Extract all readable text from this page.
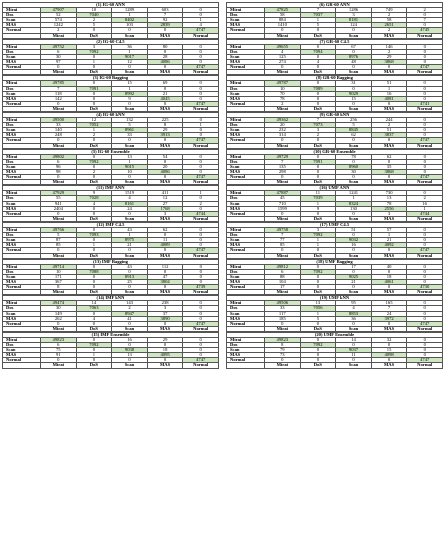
(1) IG-60 ANN					
Mirai	47907	10	1289	603	0
Dos	52	7040	1	7	0
Scan	574	2	8402	92	1
MAS	1242	5	103	2839	4
Normal	2	0	0	0	4747
	Mirai	DoS	Scan	MAS	Normal
(2) IG-60 C4.5					
Mirai	49752	3	36	80	0
Dos	6	7092	1	0	0
Scan	30	0	9017	28	0
MAS	97	1	12	4086	0
Normal	0	0	0	0	4747
	Mirai	DoS	Scan	MAS	Normal
(3) IG-60 Bagging					
Mirai	49785	0	15	69	0
Dos	7	7091	1	0	0
Scan	118	0	8992	21	0
MAS	142	0	9	4045	0
Normal	0	0	0	0	4747
	Mirai	DoS	Scan	MAS	Normal
(4) IG-60 kNN					
Mirai	49500	12	132	225	0
Dos	33	7052	5	8	1
Scan	140	1	8961	29	0
MAS	248	2	33	3913	0
Normal	0	0	0	0	4747
	Mirai	DoS	Scan	MAS	Normal
(5) IG-60 Ensemble					
Mirai	49802	0	13	54	0
Dos	6	7092	1	0	0
Scan	96	0	9015	20	0
MAS	98	2	10	4086	0
Normal	0	0	0	0	4747
	Mirai	DoS	Scan	MAS	Normal
(11) IMF ANN					
Mirai	47929	9	1519	411	1
Dos	55	7028	4	12	0
Scan	941	4	8161	27	2
MAS	2404	0	24	1768	0
Normal	0	0	0	3	4744
	Mirai	DoS	Scan	MAS	Normal
(12) IMF C4.5					
Mirai	49766	0	43	62	0
Dos	5	7093	1	0	0
Scan	87	0	8975	11	0
MAS	85	1	21	4089	0
Normal	0	0	0	0	4747
	Mirai	DoS	Scan	MAS	Normal
(13) IMF Bagging					
Mirai	49714	0	43	112	0
Dos	10	7088	0	0	0
Scan	171	0	8913	47	0
MAS	367	0	25	3804	0
Normal	8	0	0	0	4739
	Mirai	DoS	Scan	MAS	Normal
(14) IMF kNN					
Mirai	49474	14	143	238	0
Dos	30	7063	2	3	0
Scan	149	0	8947	37	0
MAS	262	4	41	3890	0
Normal	0	0	0	0	4747
	Mirai	DoS	Scan	MAS	Normal
(15) IMF Ensemble					
Mirai	49823	0	16	29	0
Dos	6	7092	0	0	0
Scan	75	0	9038	18	0
MAS	91	1	13	4095	0
Normal	0	0	0	0	4747
	Mirai	DoS	Scan	MAS	Normal
(6) GR-60 ANN					
Mirai	47825	7	1286	749	2
Dos	58	7037	3	2	0
Scan	884	1	8181	58	7
MAS	1410	5	124	2651	0
Normal	0	0	0	2	4745
	Mirai	DoS	Scan	MAS	Normal
(7) GR-60 C4.5					
Mirai	49655	0	67	146	0
Dos	4	7094	0	2	0
Scan	125	0	8976	29	0
MAS	274	4	48	3868	0
Normal	0	0	0	0	4747
	Mirai	DoS	Scan	MAS	Normal
(8) GR-60 Bagging					
Mirai	49787	0	31	51	0
Dos	10	7089	0	1	0
Scan	70	0	9029	16	0
MAS	78	0	15	4081	0
Normal	2	0	0	0	4741
	Mirai	DoS	Scan	MAS	Normal
(9) GR-60 kNN					
Mirai	49362	7	256	244	0
Dos	20	7073	5	2	0
Scan	232	3	8845	51	0
MAS	314	2	62	3837	0
Normal	0	0	0	0	4747
	Mirai	DoS	Scan	MAS	Normal
(10) GR-60 Ensemble					
Mirai	49729	0	78	62	0
Dos	7	7091	0	0	0
Scan	135	0	8960	35	0
MAS	298	0	30	3868	0
Normal	0	0	0	0	4747
	Mirai	DoS	Scan	MAS	Normal
(16) UMF ANN					
Mirai	47887	11	1241	730	0
Dos	45	7039	1	13	2
Scan	710	1	8324	78	16
MAS	1599	9	130	2556	1
Normal	0	0	0	3	4744
	Mirai	DoS	Scan	MAS	Normal
(17) UMF C4.5					
Mirai	49758	3	51	57	0
Dos	7	7092	0	1	0
Scan	77	1	9032	21	0
MAS	85	1	16	4092	0
Normal	0	0	0	0	4747
	Mirai	DoS	Scan	MAS	Normal
(18) UMF Bagging					
Mirai	49812	0	17	40	0
Dos	6	7092	0	0	0
Scan	88	0	9025	18	0
MAS	104	0	21	4061	0
Normal	17	0	0	0	4730
	Mirai	DoS	Scan	MAS	Normal
(19) UMF kNN					
Mirai	49506	13	95	165	0
Dos	33	7056	4	7	0
Scan	117	1	8853	24	0
MAS	185	5	36	3972	0
Normal	0	0	0	0	4747
	Mirai	DoS	Scan	MAS	Normal
(20) UMF Ensemble					
Mirai	49823	0	14	32	0
Dos	8	7092	0	0	0
Scan	79	0	9037	15	0
MAS	73	0	11	4098	0
Normal	0	0	0	0	4747
	Mirai	DoS	Scan	MAS	Normal
